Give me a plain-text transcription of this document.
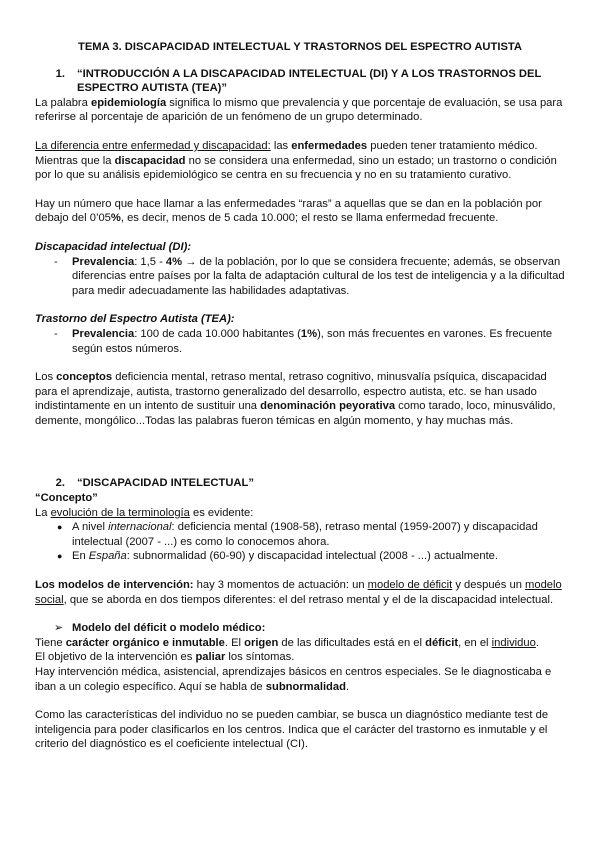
TEMA 3. DISCAPACIDAD INTELECTUAL Y TRASTORNOS DEL ESPECTRO AUTISTA

1.	“INTRODUCCIÓN A LA DISCAPACIDAD INTELECTUAL (DI) Y A LOS TRASTORNOS DEL ESPECTRO AUTISTA (TEA)”

La palabra epidemiología significa lo mismo que prevalencia y que porcentaje de evaluación, se usa para referirse al porcentaje de aparición de un fenómeno de un grupo determinado.

La diferencia entre enfermedad y discapacidad: las enfermedades pueden tener tratamiento médico. Mientras que la discapacidad no se considera una enfermedad, sino un estado; un trastorno o condición por lo que su análisis epidemiológico se centra en su frecuencia y no en su tratamiento curativo.

Hay un número que hace llamar a las enfermedades “raras” a aquellas que se dan en la población por debajo del 0’05%, es decir, menos de 5 cada 10.000; el resto se llama enfermedad frecuente.

Discapacidad intelectual (DI):

-	Prevalencia: 1,5 - 4% → de la población, por lo que se considera frecuente; además, se observan diferencias entre países por la falta de adaptación cultural de los test de inteligencia y a la dificultad para medir adecuadamente las habilidades adaptativas.

Trastorno del Espectro Autista (TEA):

-	Prevalencia: 100 de cada 10.000 habitantes (1%), son más frecuentes en varones. Es frecuente según estos números.

Los conceptos deficiencia mental, retraso mental, retraso cognitivo, minusvalía psíquica, discapacidad para el aprendizaje, autista, trastorno generalizado del desarrollo, espectro autista, etc. se han usado indistintamente en un intento de sustituir una denominación peyorativa como tarado, loco, minusválido, demente, mongólico...Todas las palabras fueron témicas en algún momento, y hay muchas más.

2.	“DISCAPACIDAD INTELECTUAL”

“Concepto”

La evolución de la terminología es evidente:

● A nivel internacional: deficiencia mental (1908-58), retraso mental (1959-2007) y discapacidad intelectual (2007 - ...) es como lo conocemos ahora.
● En España: subnormalidad (60-90) y discapacidad intelectual (2008 - ...) actualmente.

Los modelos de intervención: hay 3 momentos de actuación: un modelo de déficit y después un modelo social, que se aborda en dos tiempos diferentes: el del retraso mental y el de la discapacidad intelectual.

➢ Modelo del déficit o modelo médico:

Tiene carácter orgánico e inmutable. El origen de las dificultades está en el déficit, en el individuo.

El objetivo de la intervención es paliar los síntomas.

Hay intervención médica, asistencial, aprendizajes básicos en centros especiales. Se le diagnosticaba e iban a un colegio específico. Aquí se habla de subnormalidad.

Como las características del individuo no se pueden cambiar, se busca un diagnóstico mediante test de inteligencia para poder clasificarlos en los centros. Indica que el carácter del trastorno es inmutable y el criterio del diagnóstico es el coeficiente intelectual (CI).
